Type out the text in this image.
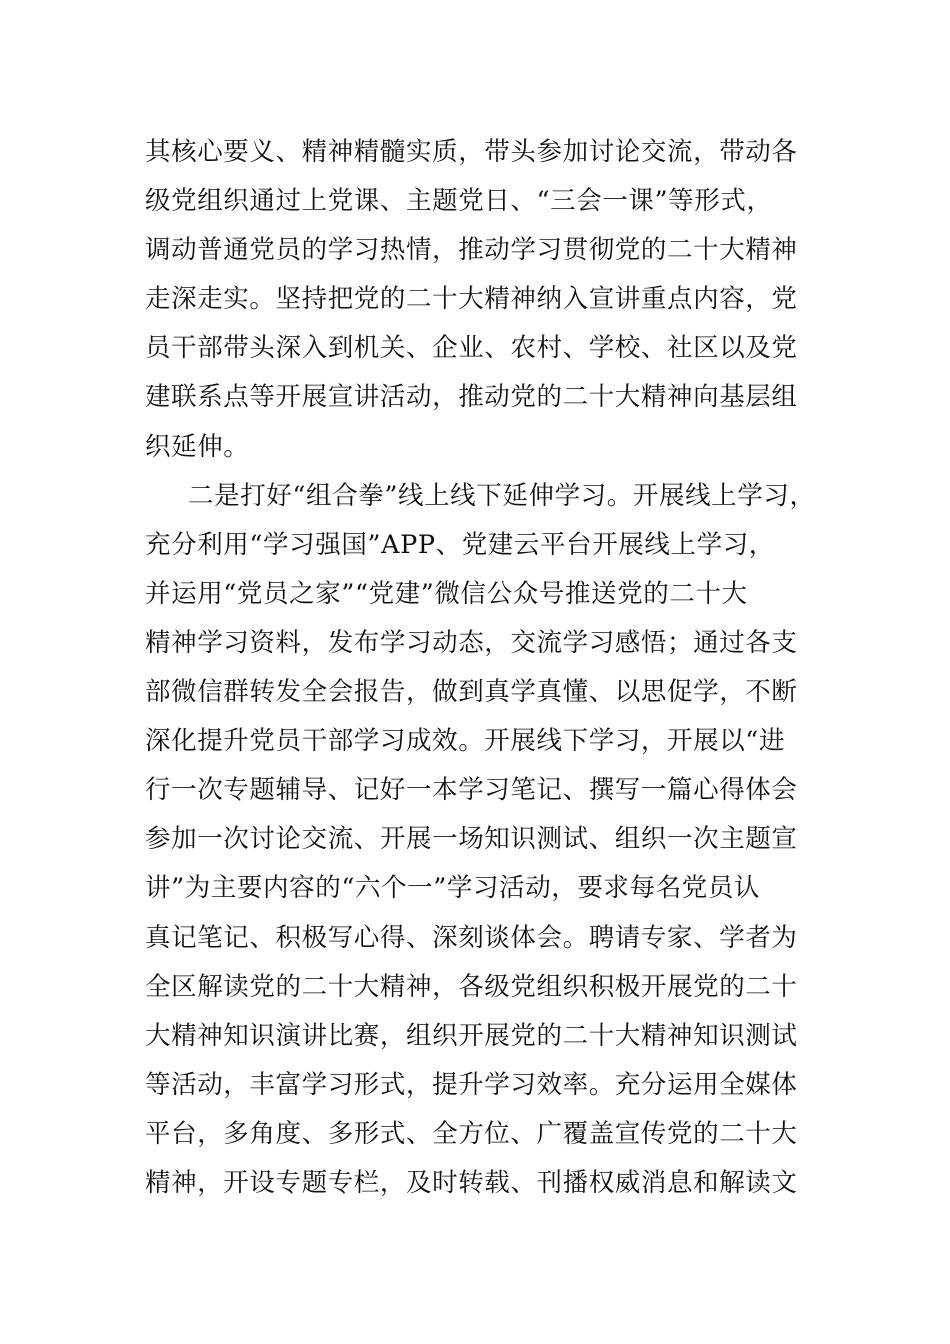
其核心要义、精神精髓实质，带头参加讨论交流，带动各
级党组织通过上党课、主题党日、“三会一课”等形式，
调动普通党员的学习热情，推动学习贯彻党的二十大精神
走深走实。坚持把党的二十大精神纳入宣讲重点内容，党
员干部带头深入到机关、企业、农村、学校、社区以及党
建联系点等开展宣讲活动，推动党的二十大精神向基层组
织延伸。
二是打好“组合拳”线上线下延伸学习。开展线上学习，
充分利用“学习强国”APP、党建云平台开展线上学习，
并运用“党员之家”“党建”微信公众号推送党的二十大
精神学习资料，发布学习动态，交流学习感悟；通过各支
部微信群转发全会报告，做到真学真懂、以思促学，不断
深化提升党员干部学习成效。开展线下学习，开展以“进
行一次专题辅导、记好一本学习笔记、撰写一篇心得体会
参加一次讨论交流、开展一场知识测试、组织一次主题宣
讲”为主要内容的“六个一”学习活动，要求每名党员认
真记笔记、积极写心得、深刻谈体会。聘请专家、学者为
全区解读党的二十大精神，各级党组织积极开展党的二十
大精神知识演讲比赛，组织开展党的二十大精神知识测试
等活动，丰富学习形式，提升学习效率。充分运用全媒体
平台，多角度、多形式、全方位、广覆盖宣传党的二十大
精神，开设专题专栏，及时转载、刊播权威消息和解读文
